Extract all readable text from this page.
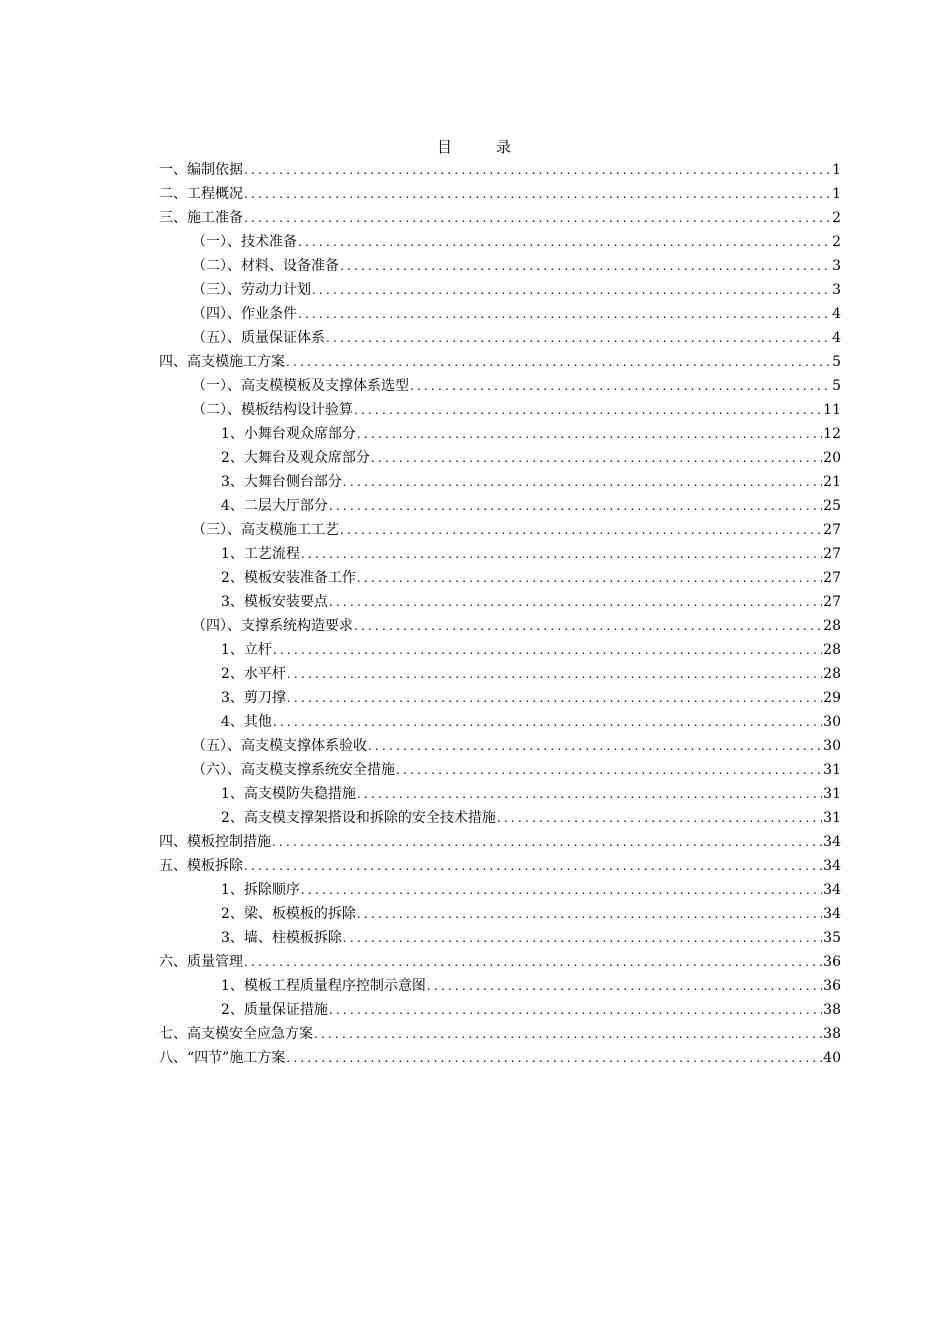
目	录
一、编制依据 .....	1
二、工程概况 .....	1
三、施工准备 .....	2
（一）、技术准备 .....	2
（二）、材料、设备准备 .....	3
（三）、劳动力计划 .....	3
（四）、作业条件 .....	4
（五）、质量保证体系 .....	4
四、高支模施工方案 .....	5
（一）、高支模模板及支撑体系选型 .....	5
（二）、模板结构设计验算 .....	11
1、小舞台观众席部分 .....	12
2、大舞台及观众席部分 .....	20
3、大舞台侧台部分 .....	21
4、二层大厅部分 .....	25
（三）、高支模施工工艺 .....	27
1、工艺流程 .....	27
2、模板安装准备工作 .....	27
3、模板安装要点 .....	27
（四）、支撑系统构造要求 .....	28
1、立杆 .....	28
2、水平杆 .....	28
3、剪刀撑 .....	29
4、其他 .....	30
（五）、高支模支撑体系验收 .....	30
（六）、高支模支撑系统安全措施 .....	31
1、高支模防失稳措施 .....	31
2、高支模支撑架搭设和拆除的安全技术措施 .....	31
四、模板控制措施 .....	34
五、模板拆除 .....	34
1、拆除顺序 .....	34
2、梁、板模板的拆除 .....	34
3、墙、柱模板拆除 .....	35
六、质量管理 .....	36
1、模板工程质量程序控制示意图 .....	36
2、质量保证措施 .....	38
七、高支模安全应急方案 .....	38
八、“四节”施工方案 .....	40
